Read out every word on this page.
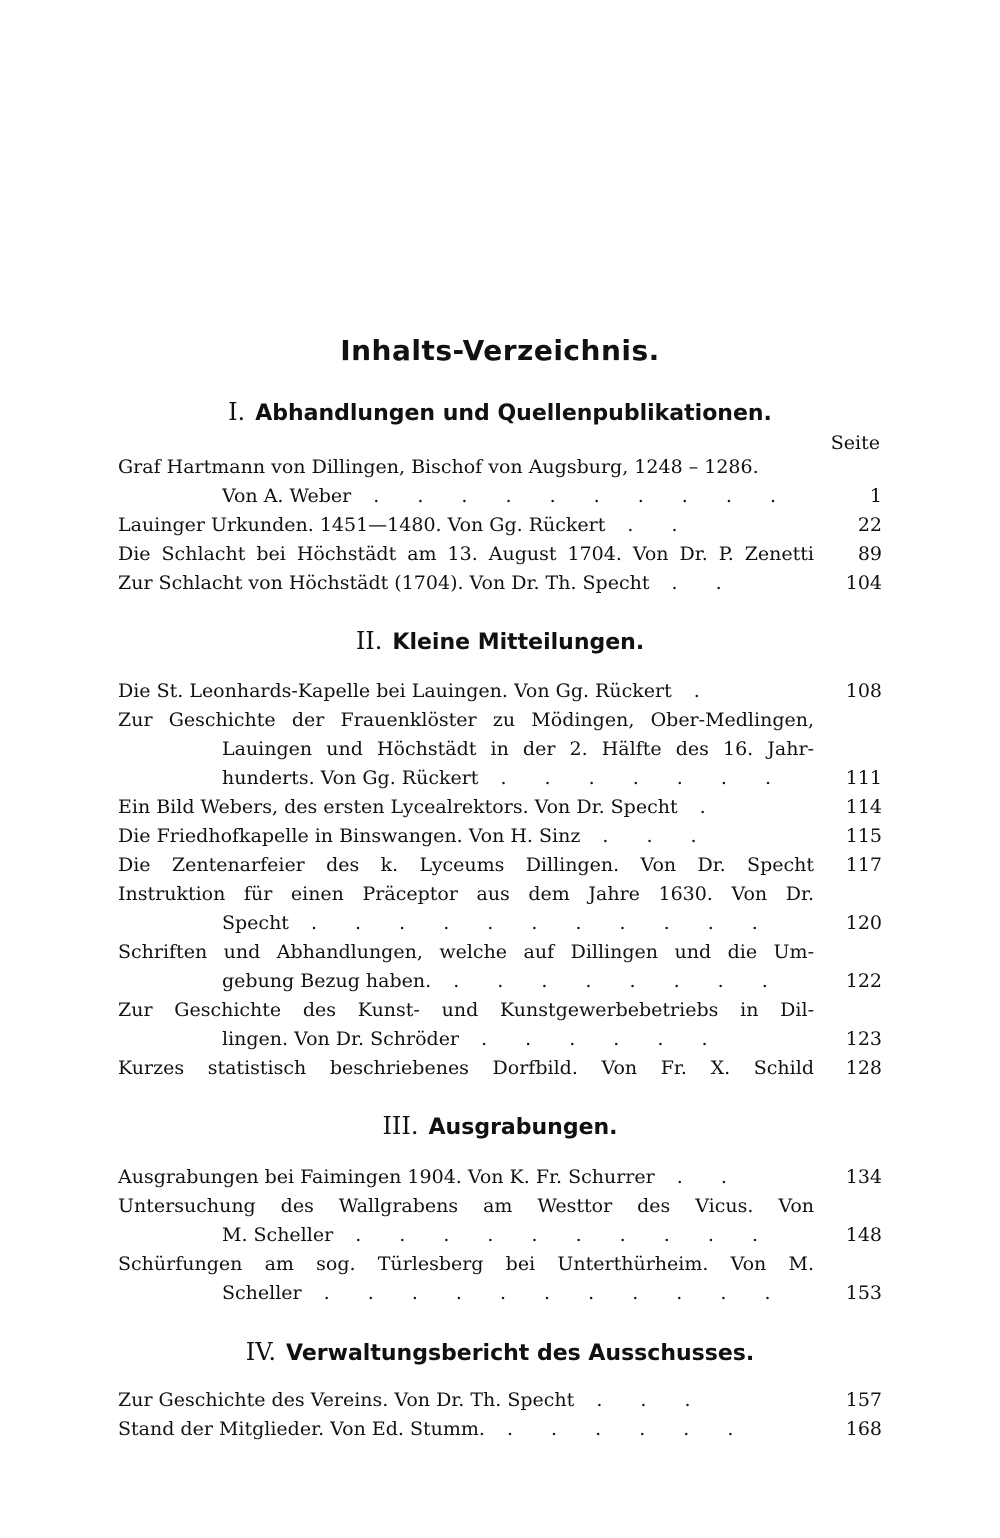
Inhalts-Verzeichnis.
I. Abhandlungen und Quellenpublikationen.
Seite
Graf Hartmann von Dillingen, Bischof von Augsburg, 1248 – 1286.
Von A. Weber . . . . . . . . . .	1
Lauinger Urkunden. 1451—1480. Von Gg. Rückert . .	22
Die Schlacht bei Höchstädt am 13. August 1704. Von Dr. P. Zenetti 89
Zur Schlacht von Höchstädt (1704). Von Dr. Th. Specht . .	104
II. Kleine Mitteilungen.
Die St. Leonhards-Kapelle bei Lauingen. Von Gg. Rückert .	108
Zur Geschichte der Frauenklöster zu Mödingen, Ober-Medlingen,
Lauingen und Höchstädt in der 2. Hälfte des 16. Jahr-
hunderts. Von Gg. Rückert . . . . . . .	111
Ein Bild Webers, des ersten Lycealrektors. Von Dr. Specht .	114
Die Friedhofkapelle in Binswangen. Von H. Sinz . . .	115
Die Zentenarfeier des k. Lyceums Dillingen. Von Dr. Specht 117
Instruktion für einen Präceptor aus dem Jahre 1630. Von Dr.
Specht . . . . . . . . . . .	120
Schriften und Abhandlungen, welche auf Dillingen und die Um-
gebung Bezug haben. . . . . . . . .	122
Zur Geschichte des Kunst- und Kunstgewerbebetriebs in Dil-
lingen. Von Dr. Schröder . . . . . .	123
Kurzes statistisch beschriebenes Dorfbild. Von Fr. X. Schild 128
III. Ausgrabungen.
Ausgrabungen bei Faimingen 1904. Von K. Fr. Schurrer . .	134
Untersuchung des Wallgrabens am Westtor des Vicus. Von
M. Scheller . . . . . . . . . .	148
Schürfungen am sog. Türlesberg bei Unterthürheim. Von M.
Scheller . . . . . . . . . . .	153
IV. Verwaltungsbericht des Ausschusses.
Zur Geschichte des Vereins. Von Dr. Th. Specht . . .	157
Stand der Mitglieder. Von Ed. Stumm. . . . . . .	168
